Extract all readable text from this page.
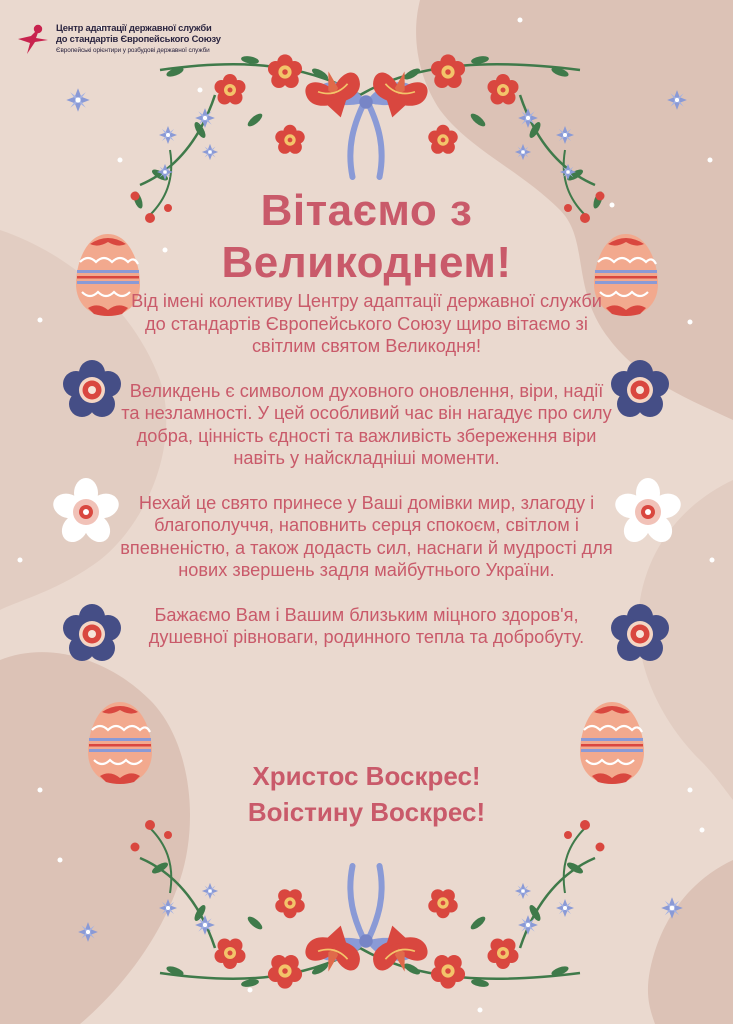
Центр адаптації державної служби
до стандартів Європейського Союзу
Європейські орієнтири у розбудові державної служби
Вітаємо з
Великоднем!

Від імені колективу Центру адаптації державної служби до стандартів Європейського Союзу щиро вітаємо зі світлим святом Великодня!

Великдень є символом духовного оновлення, віри, надії та незламності. У цей особливий час він нагадує про силу добра, цінність єдності та важливість збереження віри навіть у найскладніші моменти.

Нехай це свято принесе у Ваші домівки мир, злагоду і благополуччя, наповнить серця спокоєм, світлом і впевненістю, а також додасть сил, наснаги й мудрості для нових звершень задля майбутнього України.

Бажаємо Вам і Вашим близьким міцного здоров'я, душевної рівноваги, родинного тепла та добробуту.

Христос Воскрес!
Воістину Воскрес!
